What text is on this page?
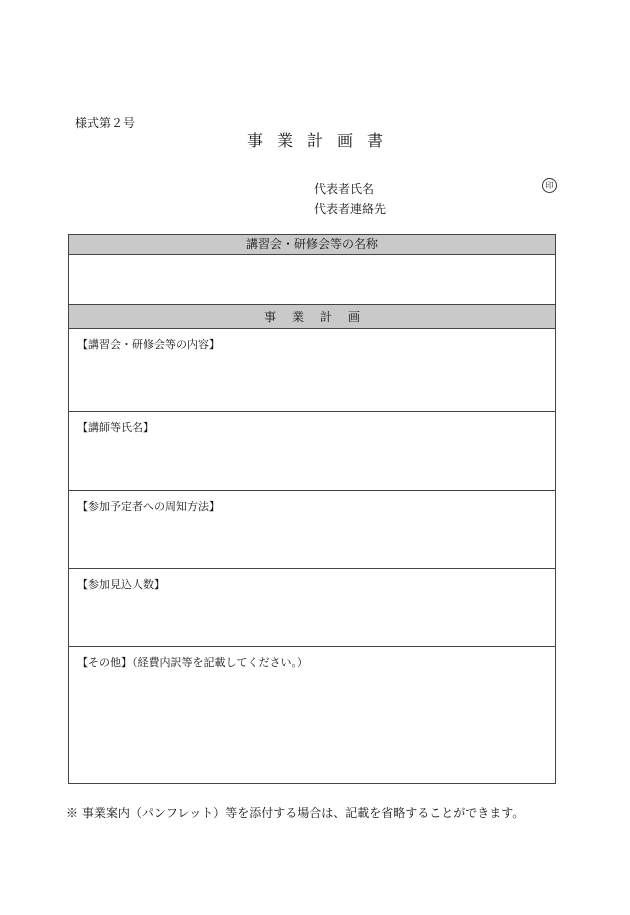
様式第２号
事業計画書
代表者氏名	印
代表者連絡先
講習会・研修会等の名称
事業計画
【講習会・研修会等の内容】
【講師等氏名】
【参加予定者への周知方法】
【参加見込人数】
【その他】（経費内訳等を記載してください。）
※ 事業案内（パンフレット）等を添付する場合は、記載を省略することができます。
